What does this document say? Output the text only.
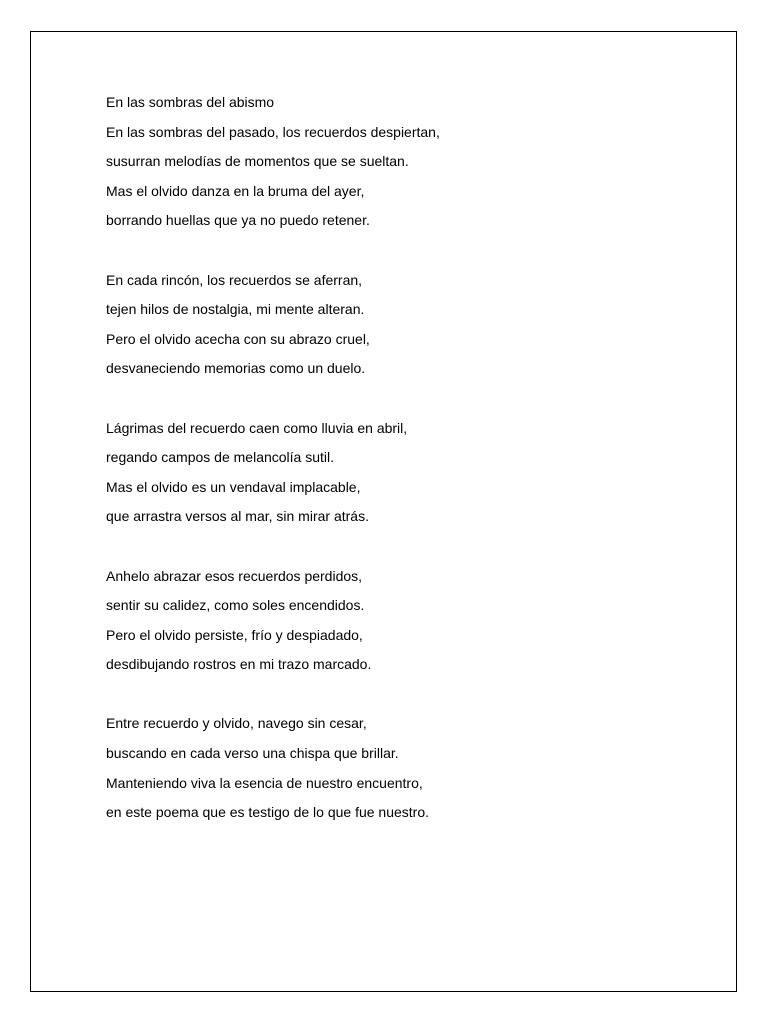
En las sombras del abismo
En las sombras del pasado, los recuerdos despiertan,
susurran melodías de momentos que se sueltan.
Mas el olvido danza en la bruma del ayer,
borrando huellas que ya no puedo retener.
En cada rincón, los recuerdos se aferran,
tejen hilos de nostalgia, mi mente alteran.
Pero el olvido acecha con su abrazo cruel,
desvaneciendo memorias como un duelo.
Lágrimas del recuerdo caen como lluvia en abril,
regando campos de melancolía sutil.
Mas el olvido es un vendaval implacable,
que arrastra versos al mar, sin mirar atrás.
Anhelo abrazar esos recuerdos perdidos,
sentir su calidez, como soles encendidos.
Pero el olvido persiste, frío y despiadado,
desdibujando rostros en mi trazo marcado.
Entre recuerdo y olvido, navego sin cesar,
buscando en cada verso una chispa que brillar.
Manteniendo viva la esencia de nuestro encuentro,
en este poema que es testigo de lo que fue nuestro.
